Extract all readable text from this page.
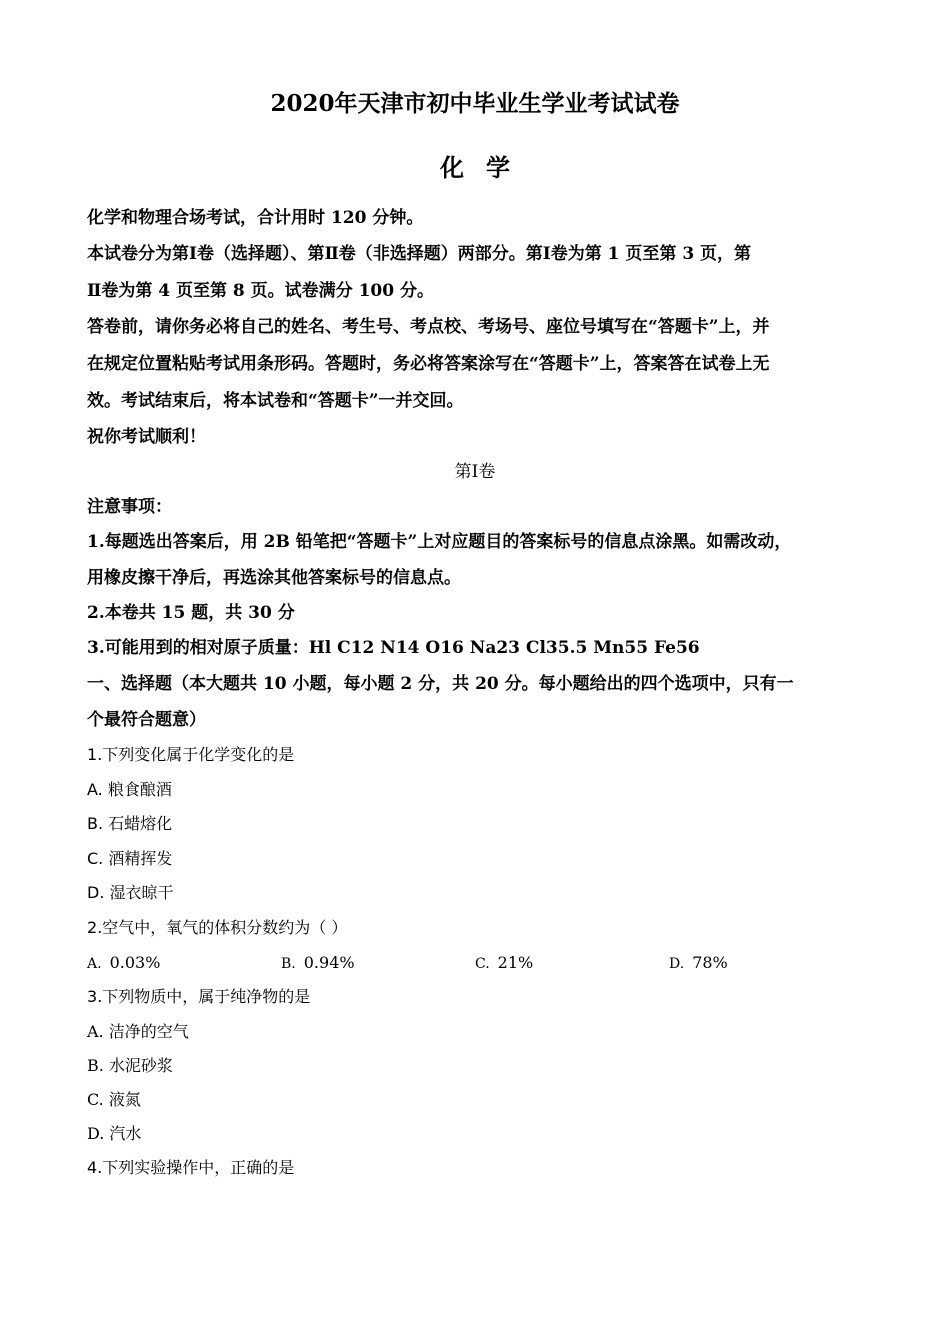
2020年天津市初中毕业生学业考试试卷
化学
化学和物理合场考试，合计用时 120 分钟。
本试卷分为第Ⅰ卷（选择题）、第Ⅱ卷（非选择题）两部分。第Ⅰ卷为第 1 页至第 3 页，第
Ⅱ卷为第 4 页至第 8 页。试卷满分 100 分。
答卷前，请你务必将自己的姓名、考生号、考点校、考场号、座位号填写在“答题卡”上，并
在规定位置粘贴考试用条形码。答题时，务必将答案涂写在“答题卡”上，答案答在试卷上无
效。考试结束后，将本试卷和“答题卡”一并交回。
祝你考试顺利！
第Ⅰ卷
注意事项：
1.每题选出答案后，用 2B 铅笔把“答题卡”上对应题目的答案标号的信息点涂黑。如需改动，
用橡皮擦干净后，再选涂其他答案标号的信息点。
2.本卷共 15 题，共 30 分
3.可能用到的相对原子质量：Hl C12 N14 O16 Na23 Cl35.5 Mn55 Fe56
一、选择题（本大题共 10 小题，每小题 2 分，共 20 分。每小题给出的四个选项中，只有一
个最符合题意）
1.下列变化属于化学变化的是
A. 粮食酿酒
B. 石蜡熔化
C. 酒精挥发
D. 湿衣晾干
2.空气中，氧气的体积分数约为（ ）
A. 0.03%	B. 0.94%	C. 21%	D. 78%
3.下列物质中，属于纯净物的是
A. 洁净的空气
B. 水泥砂浆
C. 液氮
D. 汽水
4.下列实验操作中，正确的是
